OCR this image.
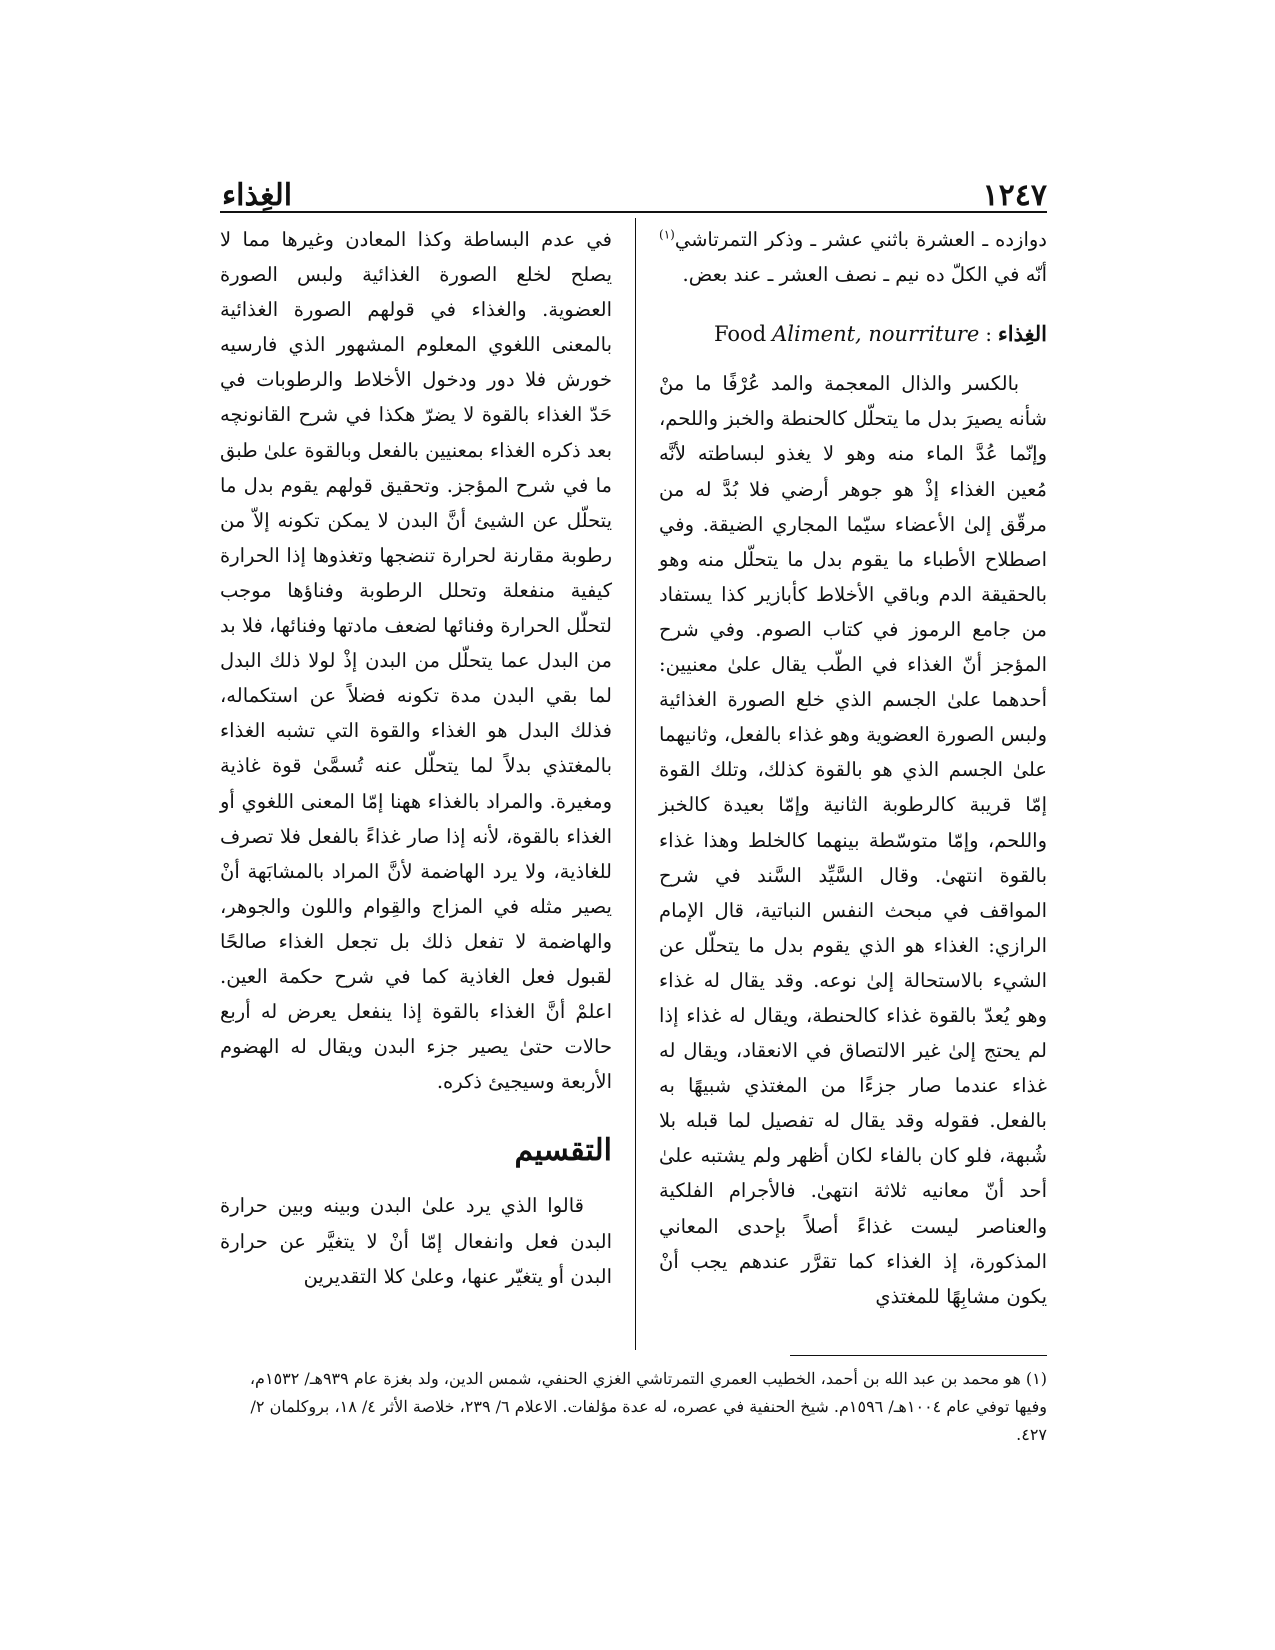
١٢٤٧
الغِذاء

دوازده ـ العشرة باثني عشر ـ وذكر التمرتاشي$^{(١)}$ أنّه في الكلّ ده نيم ـ نصف العشر ـ عند بعض.

الغِذاء
:
Aliment, nourriture
Food

بالكسر والذال المعجمة والمد عُرْفًا ما منْ شأنه يصيرَ بدل ما يتحلّل كالحنطة والخبز واللحم، وإنّما عُدَّ الماء منه وهو لا يغذو لبساطته لأنَّه مُعين الغذاء إذْ هو جوهر أرضي فلا بُدَّ له من مرقّق إلىٰ الأعضاء سيّما المجاري الضيقة. وفي اصطلاح الأطباء ما يقوم بدل ما يتحلّل منه وهو بالحقيقة الدم وباقي الأخلاط كأبازير كذا يستفاد من جامع الرموز في كتاب الصوم. وفي شرح المؤجز أنّ الغذاء في الطّب يقال علىٰ معنيين: أحدهما علىٰ الجسم الذي خلع الصورة الغذائية ولبس الصورة العضوية وهو غذاء بالفعل، وثانيهما علىٰ الجسم الذي هو بالقوة كذلك، وتلك القوة إمّا قريبة كالرطوبة الثانية وإمّا بعيدة كالخبز واللحم، وإمّا متوسّطة بينهما كالخلط وهذا غذاء بالقوة انتهىٰ. وقال السَّيِّد السَّند في شرح المواقف في مبحث النفس النباتية، قال الإمام الرازي: الغذاء هو الذي يقوم بدل ما يتحلّل عن الشيء بالاستحالة إلىٰ نوعه. وقد يقال له غذاء وهو يُعدّ بالقوة غذاء كالحنطة، ويقال له غذاء إذا لم يحتج إلىٰ غير الالتصاق في الانعقاد، ويقال له غذاء عندما صار جزءًا من المغتذي شبيهًا به بالفعل. فقوله وقد يقال له تفصيل لما قبله بلا شُبهة، فلو كان بالفاء لكان أظهر ولم يشتبه علىٰ أحد أنّ معانيه ثلاثة انتهىٰ. فالأجرام الفلكية والعناصر ليست غذاءً أصلاً بإحدى المعاني المذكورة، إذ الغذاء كما تقرَّر عندهم يجب أنْ يكون مشابِهًا للمغتذي

في عدم البساطة وكذا المعادن وغيرها مما لا يصلح لخلع الصورة الغذائية ولبس الصورة العضوية. والغذاء في قولهم الصورة الغذائية بالمعنى اللغوي المعلوم المشهور الذي فارسيه خورش فلا دور ودخول الأخلاط والرطوبات في حَدّ الغذاء بالقوة لا يضرّ هكذا في شرح القانونچه بعد ذكره الغذاء بمعنيين بالفعل وبالقوة علىٰ طبق ما في شرح المؤجز. وتحقيق قولهم يقوم بدل ما يتحلّل عن الشيئ أنَّ البدن لا يمكن تكونه إلاّ من رطوبة مقارنة لحرارة تنضجها وتغذوها إذا الحرارة كيفية منفعلة وتحلل الرطوبة وفناؤها موجب لتحلّل الحرارة وفنائها لضعف مادتها وفنائها، فلا بد من البدل عما يتحلّل من البدن إذْ لولا ذلك البدل لما بقي البدن مدة تكونه فضلاً عن استكماله، فذلك البدل هو الغذاء والقوة التي تشبه الغذاء بالمغتذي بدلاً لما يتحلّل عنه تُسمَّىٰ قوة غاذية ومغيرة. والمراد بالغذاء ههنا إمّا المعنى اللغوي أو الغذاء بالقوة، لأنه إذا صار غذاءً بالفعل فلا تصرف للغاذية، ولا يرد الهاضمة لأنَّ المراد بالمشابَهة أنْ يصير مثله في المزاج والقِوام واللون والجوهر، والهاضمة لا تفعل ذلك بل تجعل الغذاء صالحًا لقبول فعل الغاذية كما في شرح حكمة العين. اعلمْ أنَّ الغذاء بالقوة إذا ينفعل يعرض له أربع حالات حتىٰ يصير جزء البدن ويقال له الهضوم الأربعة وسيجيئ ذكره.

التقسيم

قالوا الذي يرد علىٰ البدن وبينه وبين حرارة البدن فعل وانفعال إمّا أنْ لا يتغيَّر عن حرارة البدن أو يتغيّر عنها، وعلىٰ كلا التقديرين

(١) هو محمد بن عبد الله بن أحمد، الخطيب العمري التمرتاشي الغزي الحنفي، شمس الدين، ولد بغزة عام ٩٣٩هـ/ ١٥٣٢م، وفيها توفي عام ١٠٠٤هـ/ ١٥٩٦م. شيخ الحنفية في عصره، له عدة مؤلفات. الاعلام ٦/ ٢٣٩، خلاصة الأثر ٤/ ١٨، بروكلمان ٢/ ٤٢٧.
